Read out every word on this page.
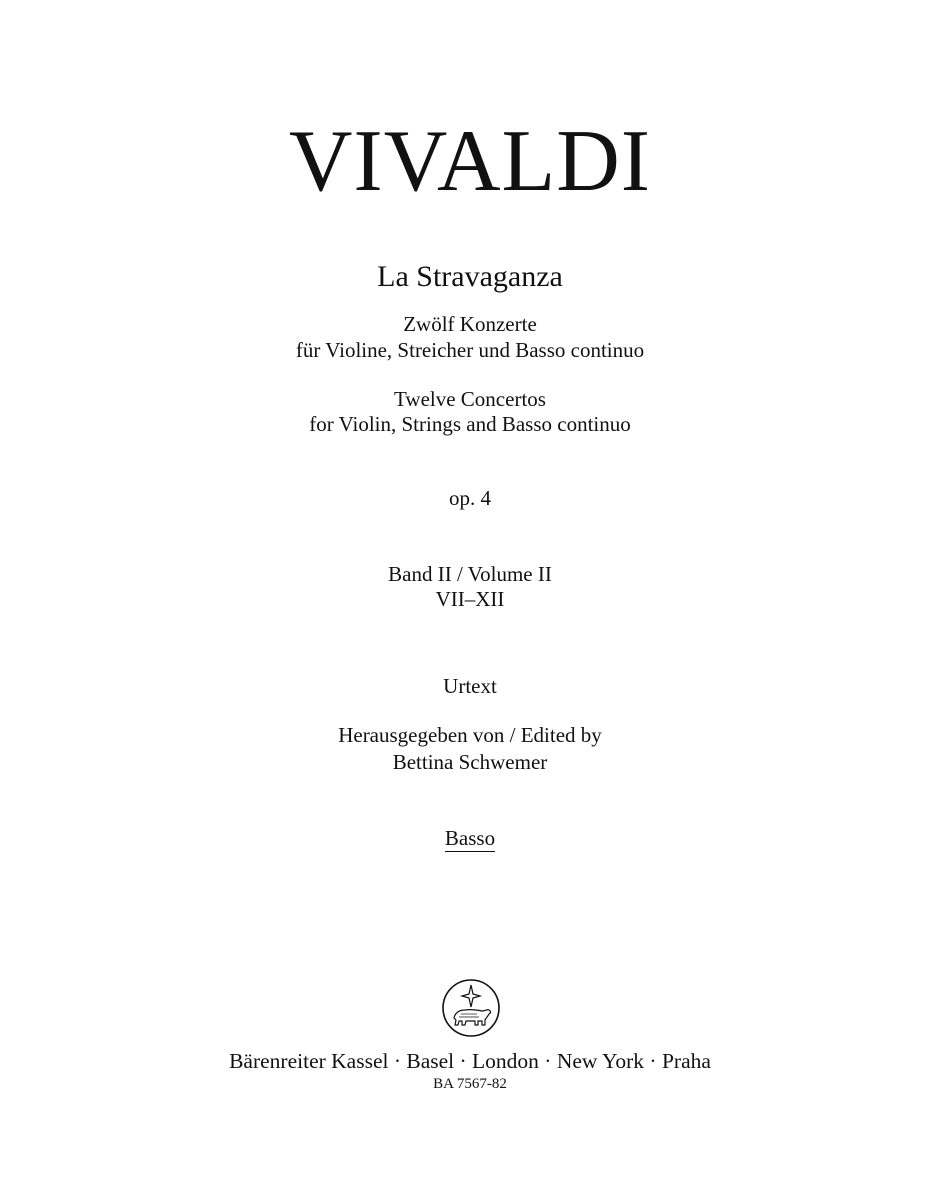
VIVALDI
La Stravaganza
Zwölf Konzerte
für Violine, Streicher und Basso continuo
Twelve Concertos
for Violin, Strings and Basso continuo
op. 4
Band II / Volume II
VII–XII
Urtext
Herausgegeben von / Edited by
Bettina Schwemer
Basso
Bärenreiter Kassel · Basel · London · New York · Praha
BA 7567-82
